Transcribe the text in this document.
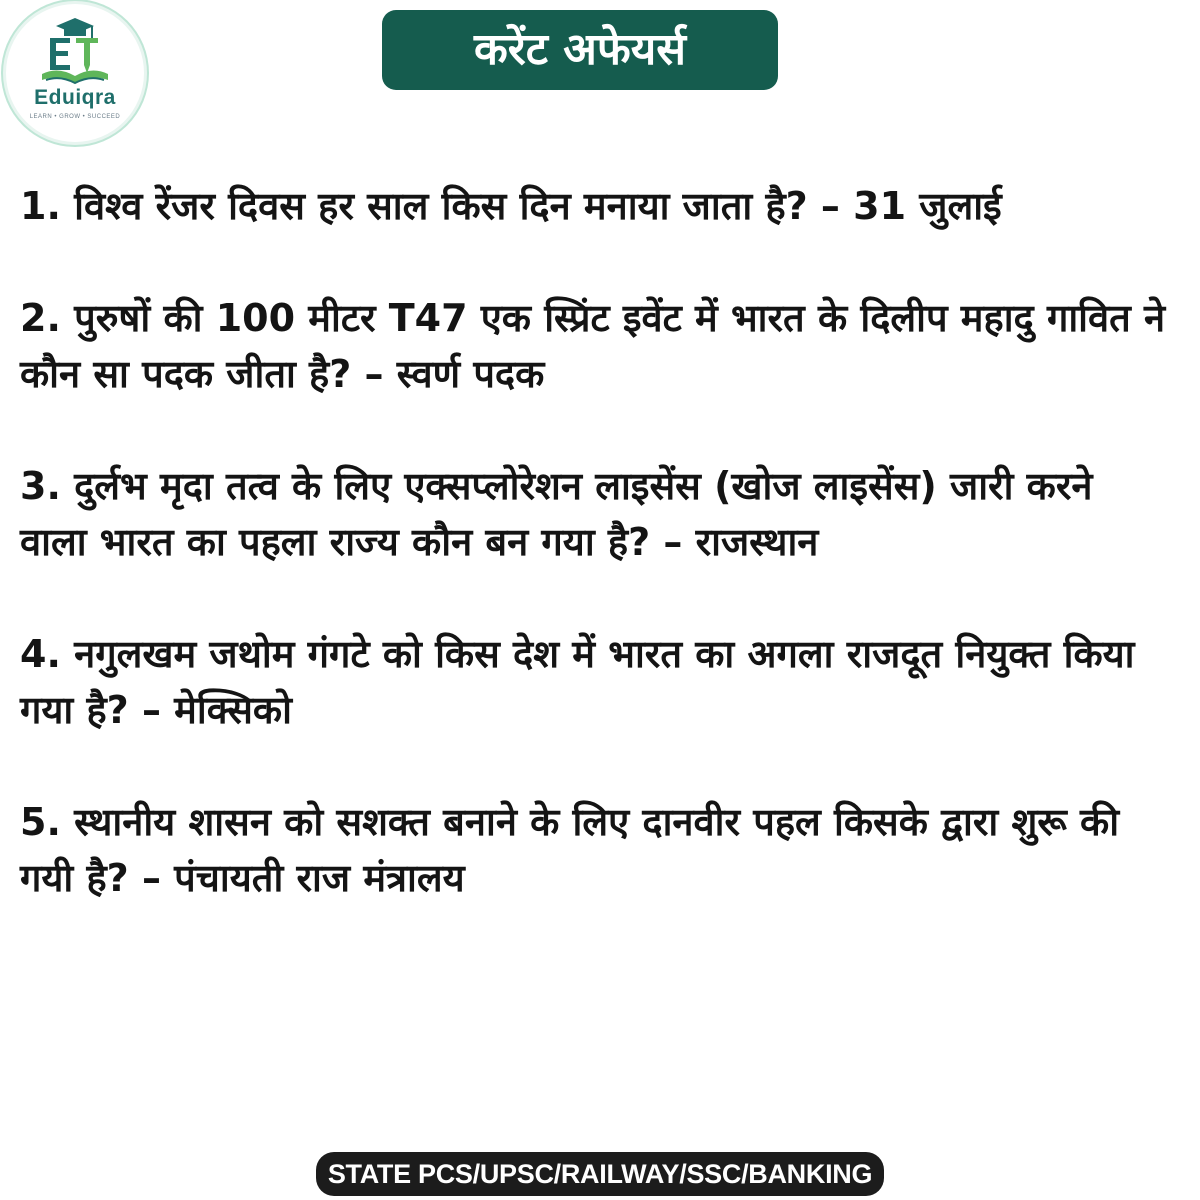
Eduiqra
LEARN • GROW • SUCCEED
करेंट अफेयर्स

1. विश्व रेंजर दिवस हर साल किस दिन मनाया जाता है? – 31 जुलाई

2. पुरुषों की 100 मीटर T47 एक स्प्रिंट इवेंट में भारत के दिलीप महादु गावित ने कौन सा पदक जीता है? – स्वर्ण पदक

3. दुर्लभ मृदा तत्व के लिए एक्सप्लोरेशन लाइसेंस (खोज लाइसेंस) जारी करने वाला भारत का पहला राज्य कौन बन गया है? – राजस्थान

4. नगुलखम जथोम गंगटे को किस देश में भारत का अगला राजदूत नियुक्त किया गया है? – मेक्सिको

5. स्थानीय शासन को सशक्त बनाने के लिए दानवीर पहल किसके द्वारा शुरू की गयी है? – पंचायती राज मंत्रालय

STATE PCS/UPSC/RAILWAY/SSC/BANKING
